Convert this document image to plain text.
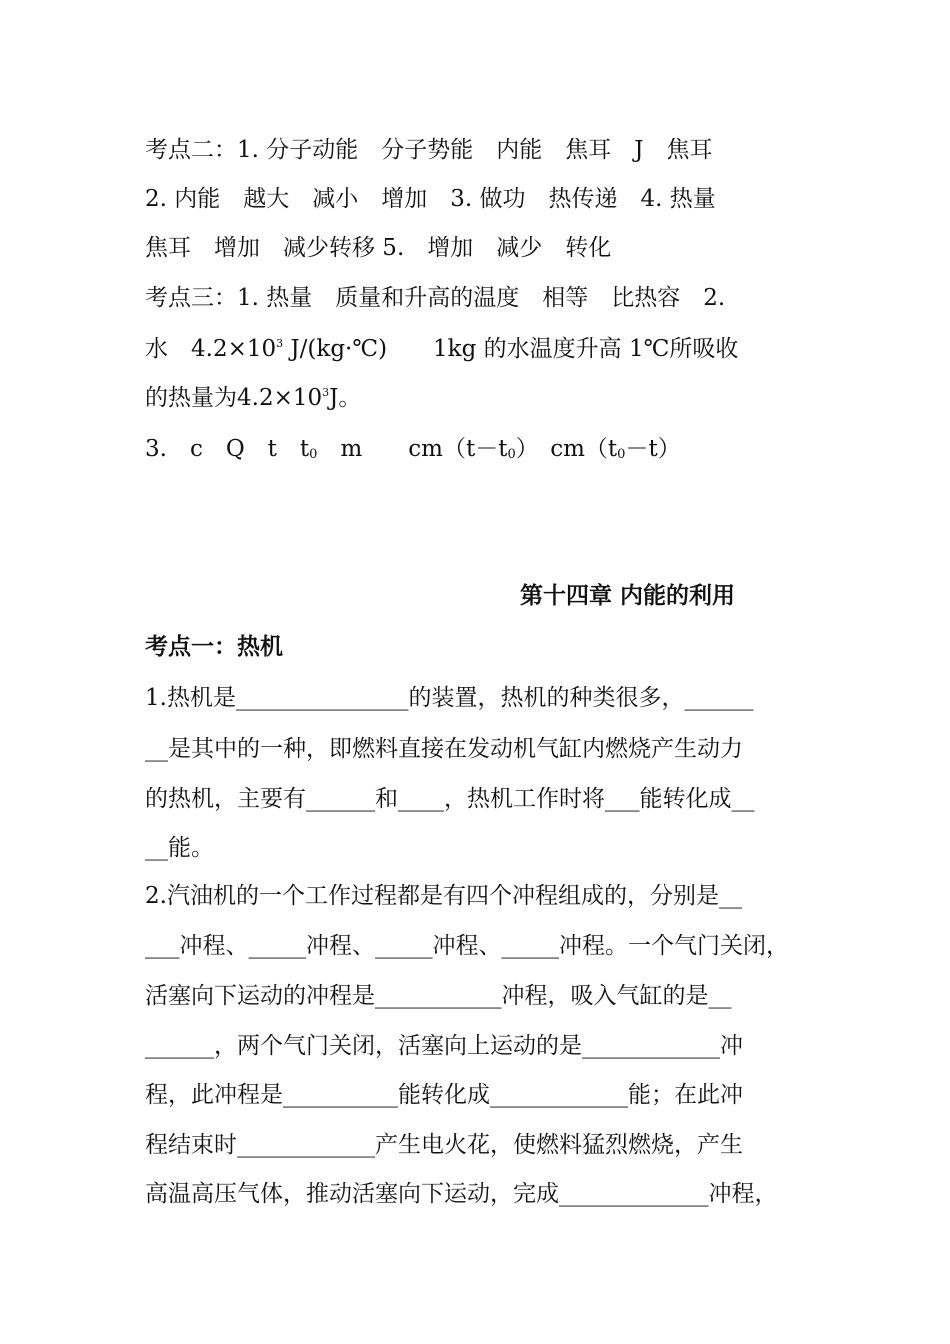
考点二：1. 分子动能　分子势能　内能　焦耳　J　焦耳
2. 内能　越大　减小　增加　3. 做功　热传递　4. 热量
焦耳　增加　减少转移 5.　增加　减少　转化
考点三：1. 热量　质量和升高的温度　相等　比热容　2.
水　$4.2\times 10^3$ J/(kg·℃)　　1kg 的水温度升高 1℃所吸收
的热量为$4.2\times 10^3J$。
3.　c　Q　t　$t_0$　m　　$cm(t-t_0)$　$cm(t_0-t)$
第十四章 内能的利用
考点一：热机
1.热机是_______________的装置，热机的种类很多，______
__是其中的一种，即燃料直接在发动机气缸内燃烧产生动力
的热机，主要有______和____，热机工作时将___能转化成__
__能。
2.汽油机的一个工作过程都是有四个冲程组成的，分别是__
___冲程、_____冲程、_____冲程、_____冲程。一个气门关闭，
活塞向下运动的冲程是___________冲程，吸入气缸的是__
______，两个气门关闭，活塞向上运动的是____________冲
程，此冲程是__________能转化成____________能；在此冲
程结束时____________产生电火花，使燃料猛烈燃烧，产生
高温高压气体，推动活塞向下运动，完成_____________冲程，
